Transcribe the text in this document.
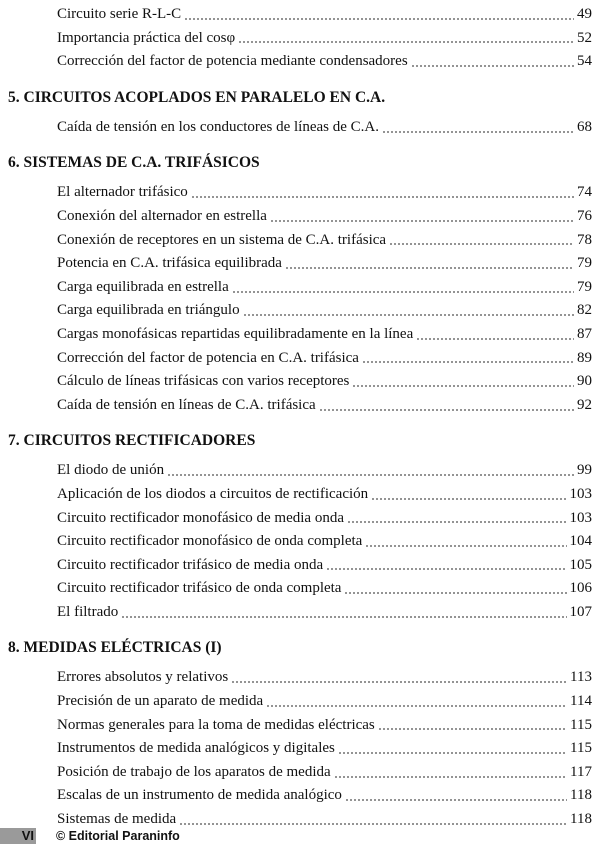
Circuito serie R-L-C	49
Importancia práctica del cosφ	52
Corrección del factor de potencia mediante condensadores	54
5. CIRCUITOS ACOPLADOS EN PARALELO EN C.A.
Caída de tensión en los conductores de líneas de C.A.	68
6. SISTEMAS DE C.A. TRIFÁSICOS
El alternador trifásico	74
Conexión del alternador en estrella	76
Conexión de receptores en un sistema de C.A. trifásica	78
Potencia en C.A. trifásica equilibrada	79
Carga equilibrada en estrella	79
Carga equilibrada en triángulo	82
Cargas monofásicas repartidas equilibradamente en la línea	87
Corrección del factor de potencia en C.A. trifásica	89
Cálculo de líneas trifásicas con varios receptores	90
Caída de tensión en líneas de C.A. trifásica	92
7. CIRCUITOS RECTIFICADORES
El diodo de unión	99
Aplicación de los diodos a circuitos de rectificación	103
Circuito rectificador monofásico de media onda	103
Circuito rectificador monofásico de onda completa	104
Circuito rectificador trifásico de media onda	105
Circuito rectificador trifásico de onda completa	106
El filtrado	107
8. MEDIDAS ELÉCTRICAS (I)
Errores absolutos y relativos	113
Precisión de un aparato de medida	114
Normas generales para la toma de medidas eléctricas	115
Instrumentos de medida analógicos y digitales	115
Posición de trabajo de los aparatos de medida	117
Escalas de un instrumento de medida analógico	118
Sistemas de medida	118
VI © Editorial Paraninfo
